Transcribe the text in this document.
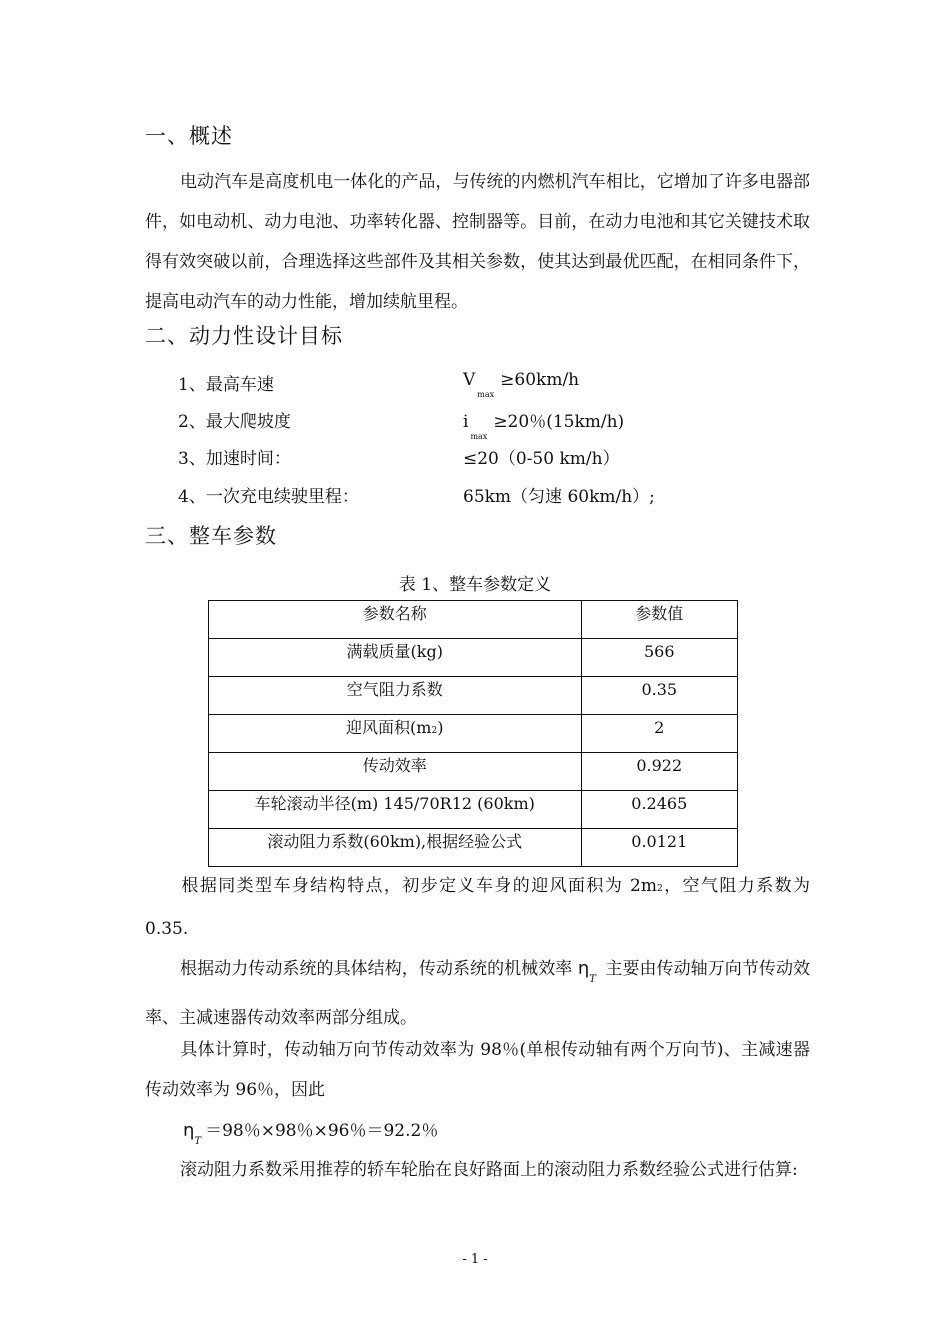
一、概述
电动汽车是高度机电一体化的产品，与传统的内燃机汽车相比，它增加了许多电器部件，如电动机、动力电池、功率转化器、控制器等。目前，在动力电池和其它关键技术取得有效突破以前，合理选择这些部件及其相关参数，使其达到最优匹配，在相同条件下，提高电动汽车的动力性能，增加续航里程。
二、动力性设计目标
1、最高车速	$V_{max}\ge 60km/h$
2、最大爬坡度	$i_{max}\ge 20$％(15km/h)
3、加速时间：	≤20（0-50 km/h）
4、一次充电续驶里程：	65km（匀速 60km/h）;
三、整车参数
表 1、整车参数定义
参数名称	参数值
满载质量(kg)	566
空气阻力系数	0.35
迎风面积(m2)	2
传动效率	0.922
车轮滚动半径(m) 145/70R12 (60km)	0.2465
滚动阻力系数(60km),根据经验公式	0.0121
根据同类型车身结构特点，初步定义车身的迎风面积为 2m2，空气阻力系数为 0.35.
根据动力传动系统的具体结构，传动系统的机械效率 $\eta_T$ 主要由传动轴万向节传动效率、主减速器传动效率两部分组成。
具体计算时，传动轴万向节传动效率为 98％(单根传动轴有两个万向节)、主减速器传动效率为 96％，因此
$\eta_T=98$％×98％×96％＝92.2％
滚动阻力系数采用推荐的轿车轮胎在良好路面上的滚动阻力系数经验公式进行估算:
- 1 -
